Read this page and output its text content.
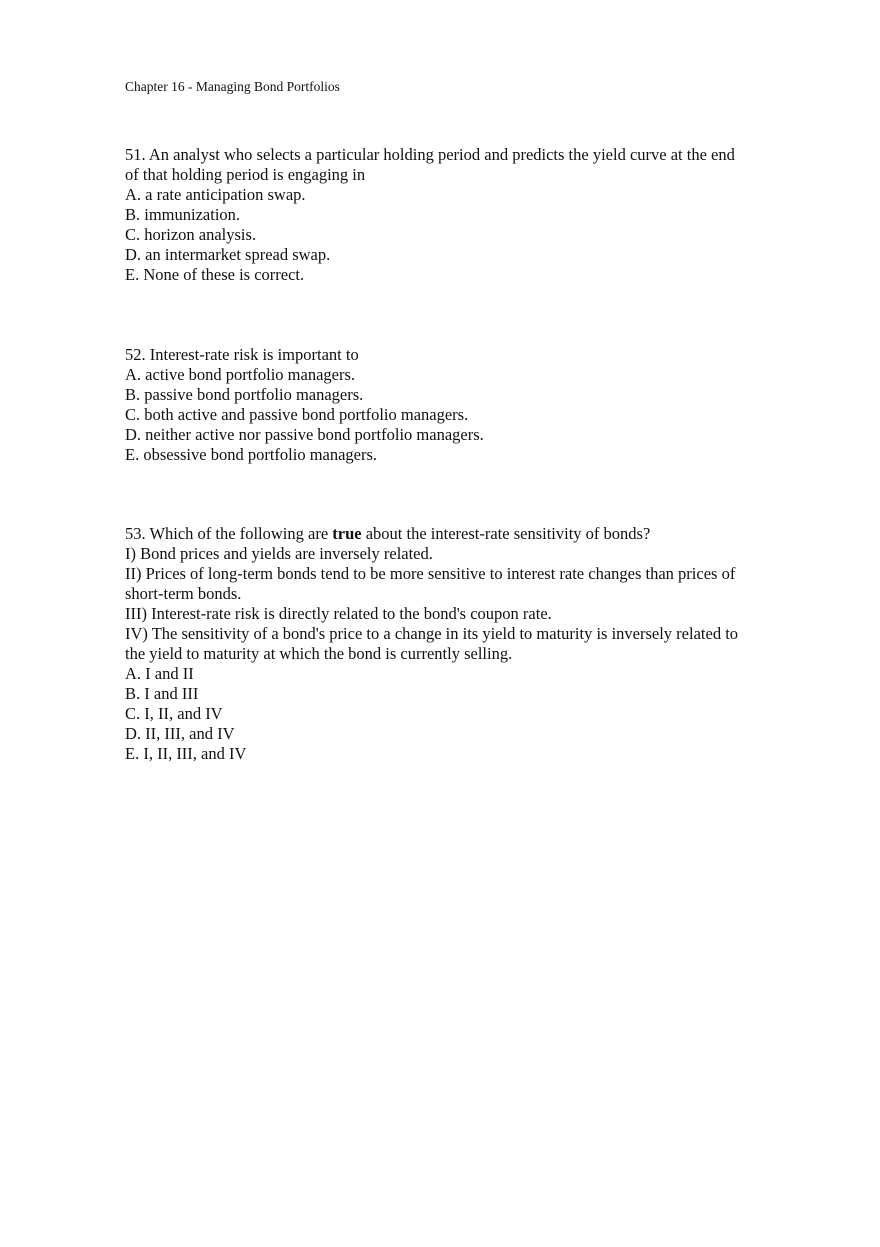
Chapter 16 - Managing Bond Portfolios
51. An analyst who selects a particular holding period and predicts the yield curve at the end
of that holding period is engaging in
A. a rate anticipation swap.
B. immunization.
C. horizon analysis.
D. an intermarket spread swap.
E. None of these is correct.
52. Interest-rate risk is important to
A. active bond portfolio managers.
B. passive bond portfolio managers.
C. both active and passive bond portfolio managers.
D. neither active nor passive bond portfolio managers.
E. obsessive bond portfolio managers.
53. Which of the following are true about the interest-rate sensitivity of bonds?
I) Bond prices and yields are inversely related.
II) Prices of long-term bonds tend to be more sensitive to interest rate changes than prices of
short-term bonds.
III) Interest-rate risk is directly related to the bond's coupon rate.
IV) The sensitivity of a bond's price to a change in its yield to maturity is inversely related to
the yield to maturity at which the bond is currently selling.
A. I and II
B. I and III
C. I, II, and IV
D. II, III, and IV
E. I, II, III, and IV
